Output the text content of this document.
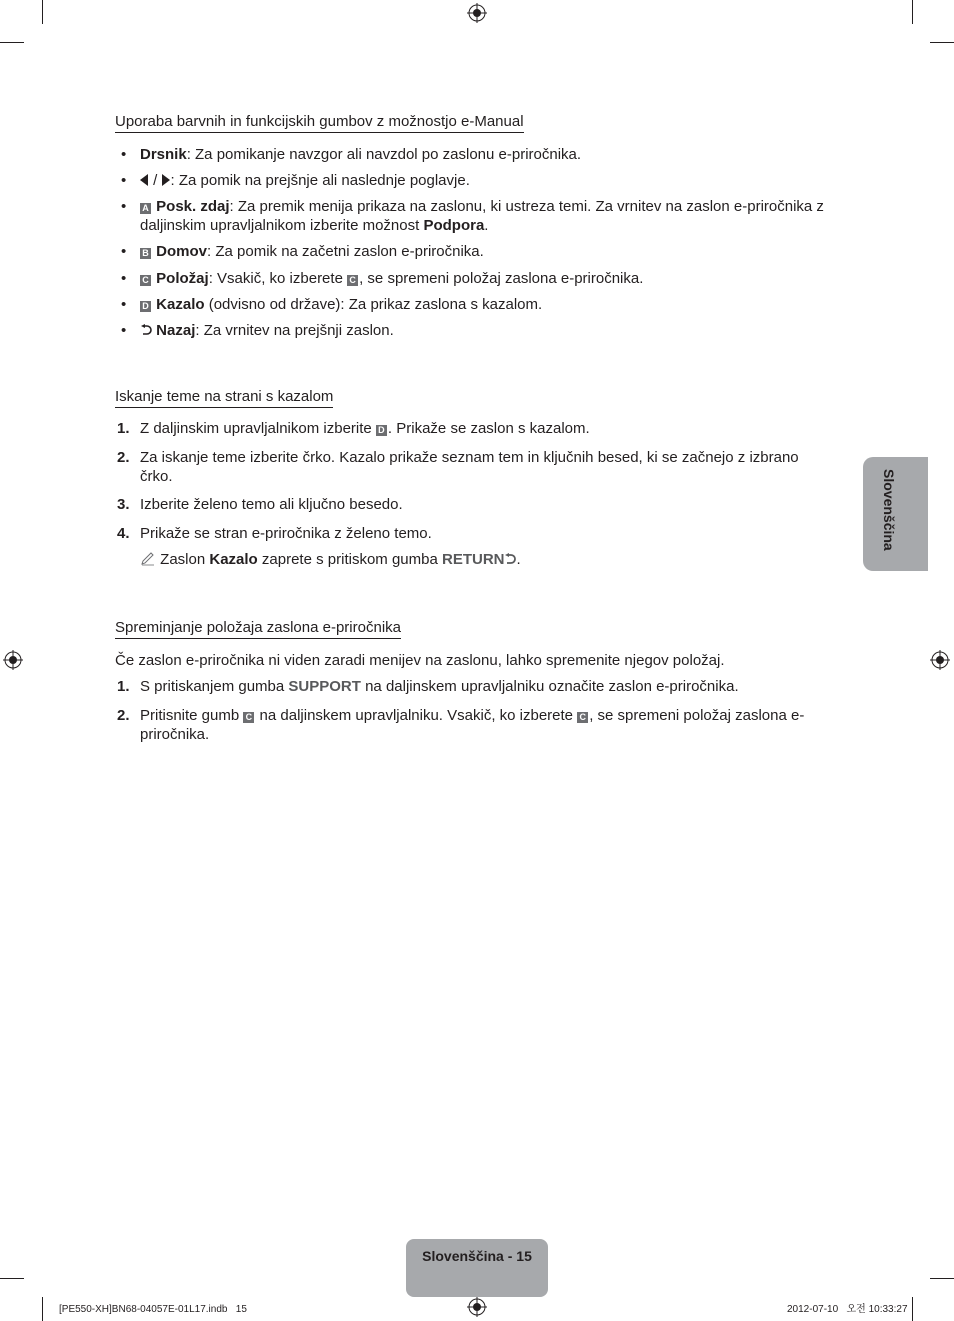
Uporaba barvnih in funkcijskih gumbov z možnostjo e-Manual
• Drsnik: Za pomikanje navzgor ali navzdol po zaslonu e-priročnika.
•	/ : Za pomik na prejšnje ali naslednje poglavje.
• A Posk. zdaj: Za premik menija prikaza na zaslonu, ki ustreza temi. Za vrnitev na zaslon e-priročnika z daljinskim upravljalnikom izberite možnost Podpora.
• B Domov: Za pomik na začetni zaslon e-priročnika.
• C Položaj: Vsakič, ko izberete C , se spremeni položaj zaslona e-priročnika.
• D Kazalo (odvisno od države): Za prikaz zaslona s kazalom.
•	Nazaj: Za vrnitev na prejšnji zaslon.
Iskanje teme na strani s kazalom
1. Z daljinskim upravljalnikom izberite D . Prikaže se zaslon s kazalom.
2. Za iskanje teme izberite črko. Kazalo prikaže seznam tem in ključnih besed, ki se začnejo z izbrano črko.
3. Izberite želeno temo ali ključno besedo.
4. Prikaže se stran e-priročnika z želeno temo.
Zaslon Kazalo zaprete s pritiskom gumba RETURN .
Spreminjanje položaja zaslona e-priročnika
Če zaslon e-priročnika ni viden zaradi menijev na zaslonu, lahko spremenite njegov položaj.
1. S pritiskanjem gumba SUPPORT na daljinskem upravljalniku označite zaslon e-priročnika.
2. Pritisnite gumb C na daljinskem upravljalniku. Vsakič, ko izberete C , se spremeni položaj zaslona e-priročnika.
Slovenščina
Slovenščina - 15
[PE550-XH]BN68-04057E-01L17.indb 15	2012-07-10 오전 10:33:27
